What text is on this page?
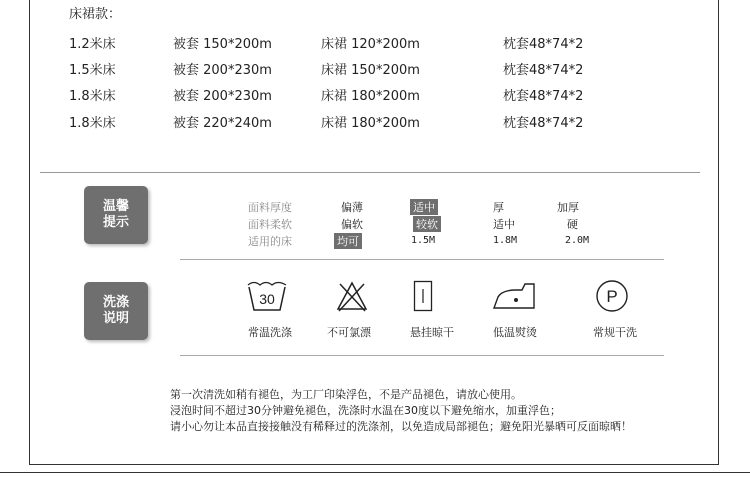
床裙款：
1.2米床	被套 150*200m	床裙 120*200m	枕套48*74*2
1.5米床	被套 200*230m	床裙 150*200m	枕套48*74*2
1.8米床	被套 200*230m	床裙 180*200m	枕套48*74*2
1.8米床	被套 220*240m	床裙 180*200m	枕套48*74*2
温馨
提示
面料厚度	偏薄	适中	厚	加厚
面料柔软	偏软	较软	适中	硬
适用的床	均可	1.5M	1.8M	2.0M
洗涤
说明
30	P
常温洗涤	不可氯漂	悬挂晾干	低温熨烫	常规干洗
第一次清洗如稍有褪色，为工厂印染浮色，不是产品褪色，请放心使用。
浸泡时间不超过30分钟避免褪色，洗涤时水温在30度以下避免缩水，加重浮色；
请小心勿让本品直接接触没有稀释过的洗涤剂，以免造成局部褪色；避免阳光暴晒可反面晾晒！
